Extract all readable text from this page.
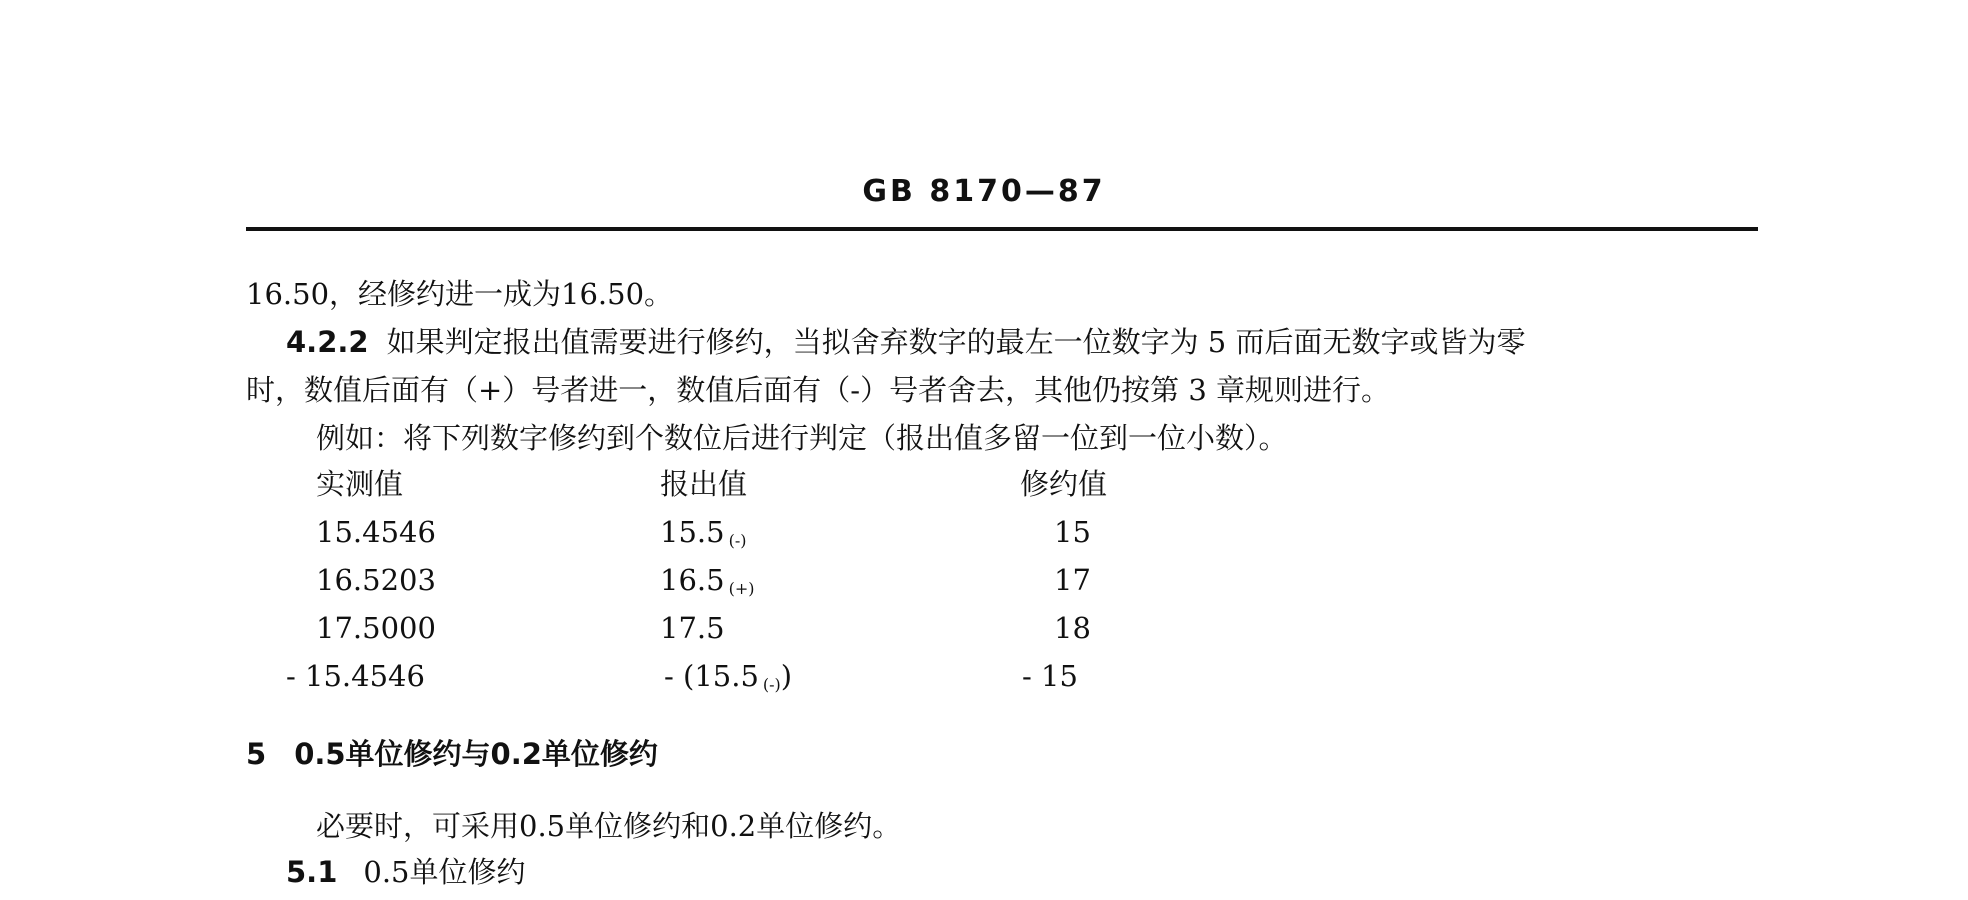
GB 8170—87
16.50，经修约进一成为16.50。
4.2.2 如果判定报出值需要进行修约，当拟舍弃数字的最左一位数字为 5 而后面无数字或皆为零
时，数值后面有（+）号者进一，数值后面有（-）号者舍去，其他仍按第 3 章规则进行。
例如：将下列数字修约到个数位后进行判定（报出值多留一位到一位小数）。
实测值	报出值	修约值
15.4546	15.5 $_{(-)}$	15
16.5203	16.5 $_{(+)}$	17
17.5000	17.5	18
- 15.4546	- (15.5 $_{(-)}$)	- 15
5 0.5单位修约与0.2单位修约
必要时，可采用0.5单位修约和0.2单位修约。
5.1 0.5单位修约
